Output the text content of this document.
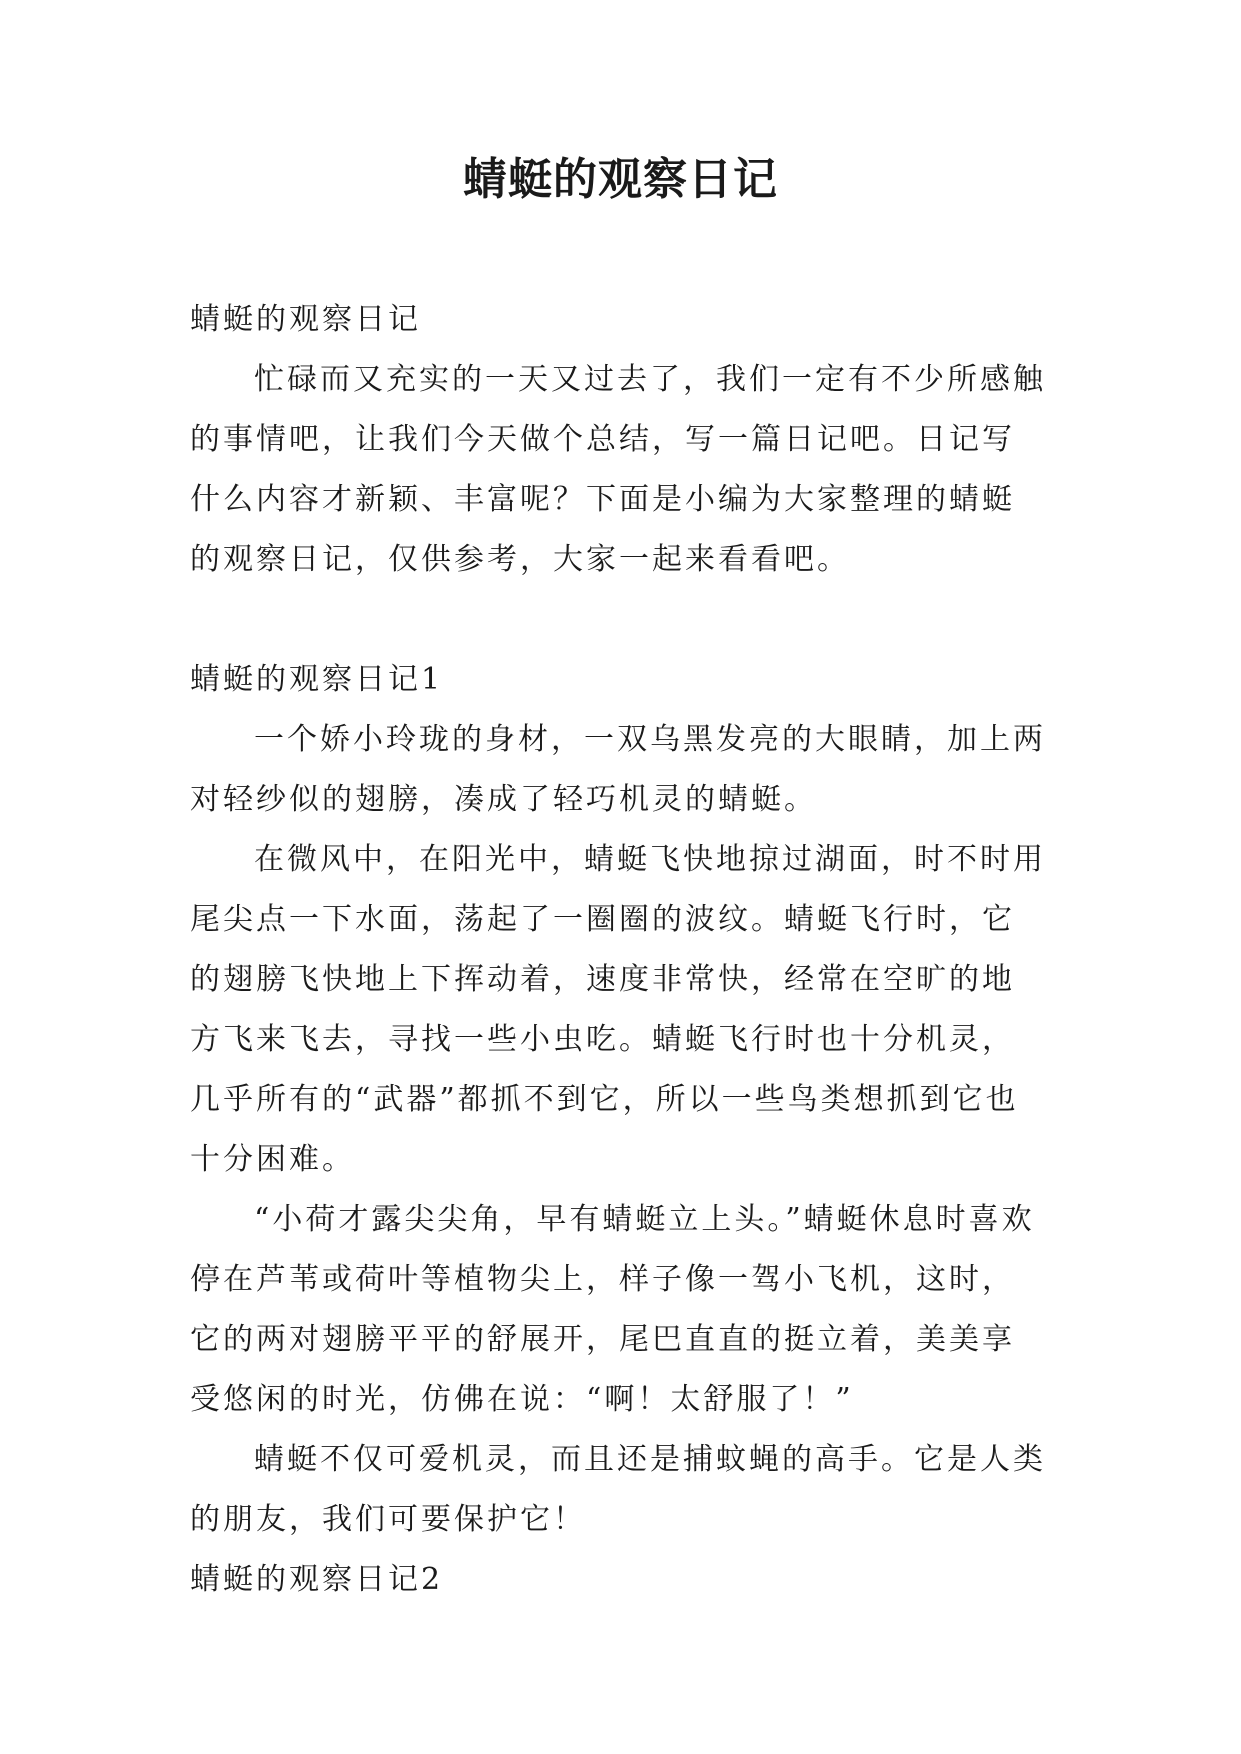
蜻蜓的观察日记

蜻蜓的观察日记

忙碌而又充实的一天又过去了，我们一定有不少所感触的事情吧，让我们今天做个总结，写一篇日记吧。日记写什么内容才新颖、丰富呢？下面是小编为大家整理的蜻蜓的观察日记，仅供参考，大家一起来看看吧。

蜻蜓的观察日记1

一个娇小玲珑的身材，一双乌黑发亮的大眼睛，加上两对轻纱似的翅膀，凑成了轻巧机灵的蜻蜓。

在微风中，在阳光中，蜻蜓飞快地掠过湖面，时不时用尾尖点一下水面，荡起了一圈圈的波纹。蜻蜓飞行时，它的翅膀飞快地上下挥动着，速度非常快，经常在空旷的地方飞来飞去，寻找一些小虫吃。蜻蜓飞行时也十分机灵，几乎所有的“武器”都抓不到它，所以一些鸟类想抓到它也十分困难。

“小荷才露尖尖角，早有蜻蜓立上头。”蜻蜓休息时喜欢停在芦苇或荷叶等植物尖上，样子像一驾小飞机，这时，它的两对翅膀平平的舒展开，尾巴直直的挺立着，美美享受悠闲的时光，仿佛在说：“啊！太舒服了！”

蜻蜓不仅可爱机灵，而且还是捕蚊蝇的高手。它是人类的朋友，我们可要保护它！

蜻蜓的观察日记2
